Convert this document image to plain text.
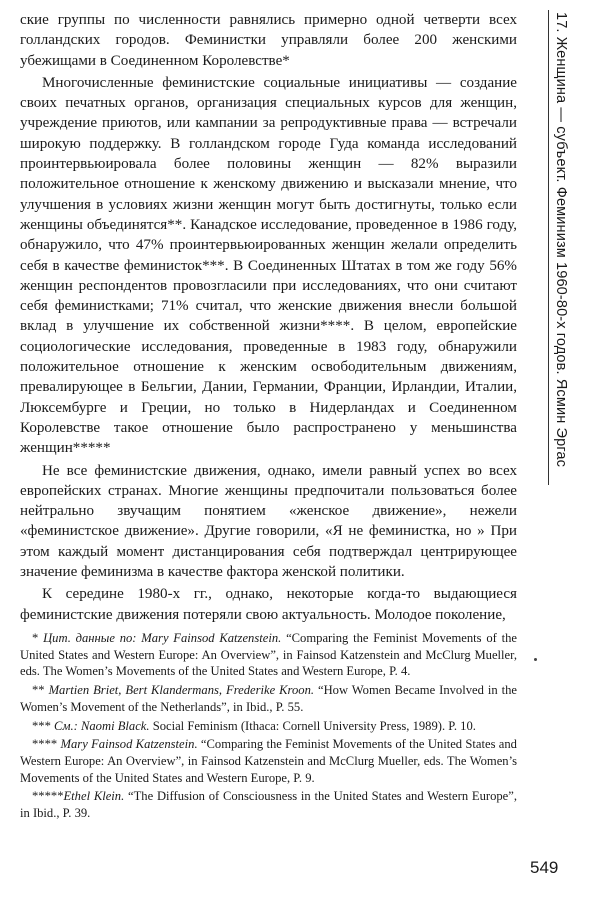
ские группы по численности равнялись примерно одной четверти всех голландских городов. Феминистки управляли более 200 женскими убежищами в Соединенном Королевстве*

Многочисленные феминистские социальные инициативы — создание своих печатных органов, организация специальных курсов для женщин, учреждение приютов, или кампании за репродуктивные права — встречали широкую поддержку. В голландском городе Гуда команда исследований проинтервьюировала более половины женщин — 82% выразили положительное отношение к женскому движению и высказали мнение, что улучшения в условиях жизни женщин могут быть достигнуты, только если женщины объединятся**. Канадское исследование, проведенное в 1986 году, обнаружило, что 47% проинтервьюированных женщин желали определить себя в качестве феминисток***. В Соединенных Штатах в том же году 56% женщин респондентов провозгласили при исследованиях, что они считают себя феминистками; 71% считал, что женские движения внесли большой вклад в улучшение их собственной жизни****. В целом, европейские социологические исследования, проведенные в 1983 году, обнаружили положительное отношение к женским освободительным движениям, превалирующее в Бельгии, Дании, Германии, Франции, Ирландии, Италии, Люксембурге и Греции, но только в Нидерландах и Соединенном Королевстве такое отношение было распространено у меньшинства женщин*****

Не все феминистские движения, однако, имели равный успех во всех европейских странах. Многие женщины предпочитали пользоваться более нейтрально звучащим понятием «женское движение», нежели «феминистское движение». Другие говорили, «Я не феминистка, но » При этом каждый момент дистанцирования себя подтверждал центрирующее значение феминизма в качестве фактора женской политики.

К середине 1980-х гг., однако, некоторые когда-то выдающиеся феминистские движения потеряли свою актуальность. Молодое поколение,

* Цит. данные по: Mary Fainsod Katzenstein. “Comparing the Feminist Movements of the United States and Western Europe: An Overview”, in Fainsod Katzenstein and McClurg Mueller, eds. The Women’s Movements of the United States and Western Europe, P. 4.

** Martien Briet, Bert Klandermans, Frederike Kroon. “How Women Became Involved in the Women’s Movement of the Netherlands”, in Ibid., P. 55.

*** См.: Naomi Black. Social Feminism (Ithaca: Cornell University Press, 1989). P. 10.

**** Mary Fainsod Katzenstein. “Comparing the Feminist Movements of the United States and Western Europe: An Overview”, in Fainsod Katzenstein and McClurg Mueller, eds. The Women’s Movements of the United States and Western Europe, P. 9.

*****Ethel Klein. “The Diffusion of Consciousness in the United States and Western Europe”, in Ibid., P. 39.

17. Женщина — субъект. Феминизм 1960-80-х годов. Ясмин Эргас
549
